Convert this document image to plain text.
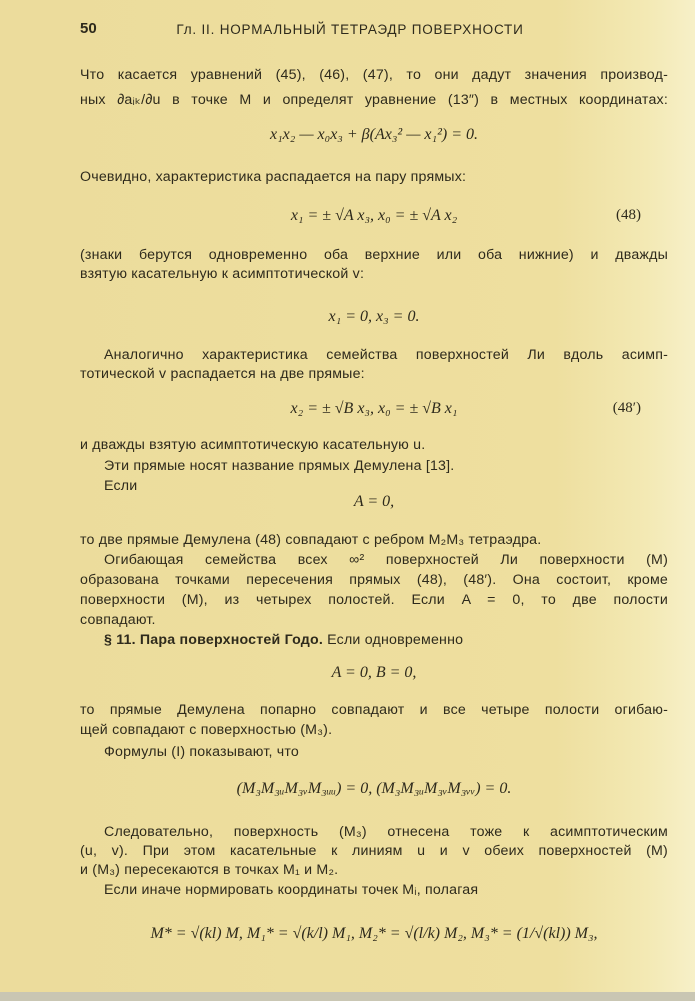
50	Гл. II. НОРМАЛЬНЫЙ ТЕТРАЭДР ПОВЕРХНОСТИ
Что касается уравнений (45), (46), (47), то они дадут значения производ-
ных ∂aᵢₖ/∂u в точке M и определят уравнение (13″) в местных координатах:
x₁x₂ — x₀x₃ + β(Ax₃² — x₁²) = 0.
Очевидно, характеристика распадается на пару прямых:
x₁ = ± √A x₃, x₀ = ± √A x₂	(48)
(знаки берутся одновременно оба верхние или оба нижние) и дважды
взятую касательную к асимптотической v:
x₁ = 0, x₃ = 0.
Аналогично характеристика семейства поверхностей Ли вдоль асимп-
тотической v распадается на две прямые:
x₂ = ± √B x₃, x₀ = ± √B x₁	(48′)
и дважды взятую асимптотическую касательную u.
Эти прямые носят название прямых Демулена [13].
Если
A = 0,
то две прямые Демулена (48) совпадают с ребром M₂M₃ тетраэдра.
Огибающая семейства всех ∞² поверхностей Ли поверхности (M)
образована точками пересечения прямых (48), (48′). Она состоит, кроме
поверхности (M), из четырех полостей. Если A = 0, то две полости
совпадают.
§ 11. Пара поверхностей Годо. Если одновременно
A = 0, B = 0,
то прямые Демулена попарно совпадают и все четыре полости огибаю-
щей совпадают с поверхностью (M₃).
Формулы (I) показывают, что
(M₃M₃ᵤM₃ᵥM₃ᵤᵤ) = 0, (M₃M₃ᵤM₃ᵥM₃ᵥᵥ) = 0.
Следовательно, поверхность (M₃) отнесена тоже к асимптотическим
(u, v). При этом касательные к линиям u и v обеих поверхностей (M)
и (M₃) пересекаются в точках M₁ и M₂.
Если иначе нормировать координаты точек Mᵢ, полагая
M* = √(kl) M, M₁* = √(k/l) M₁, M₂* = √(l/k) M₂, M₃* = (1/√(kl)) M₃,
